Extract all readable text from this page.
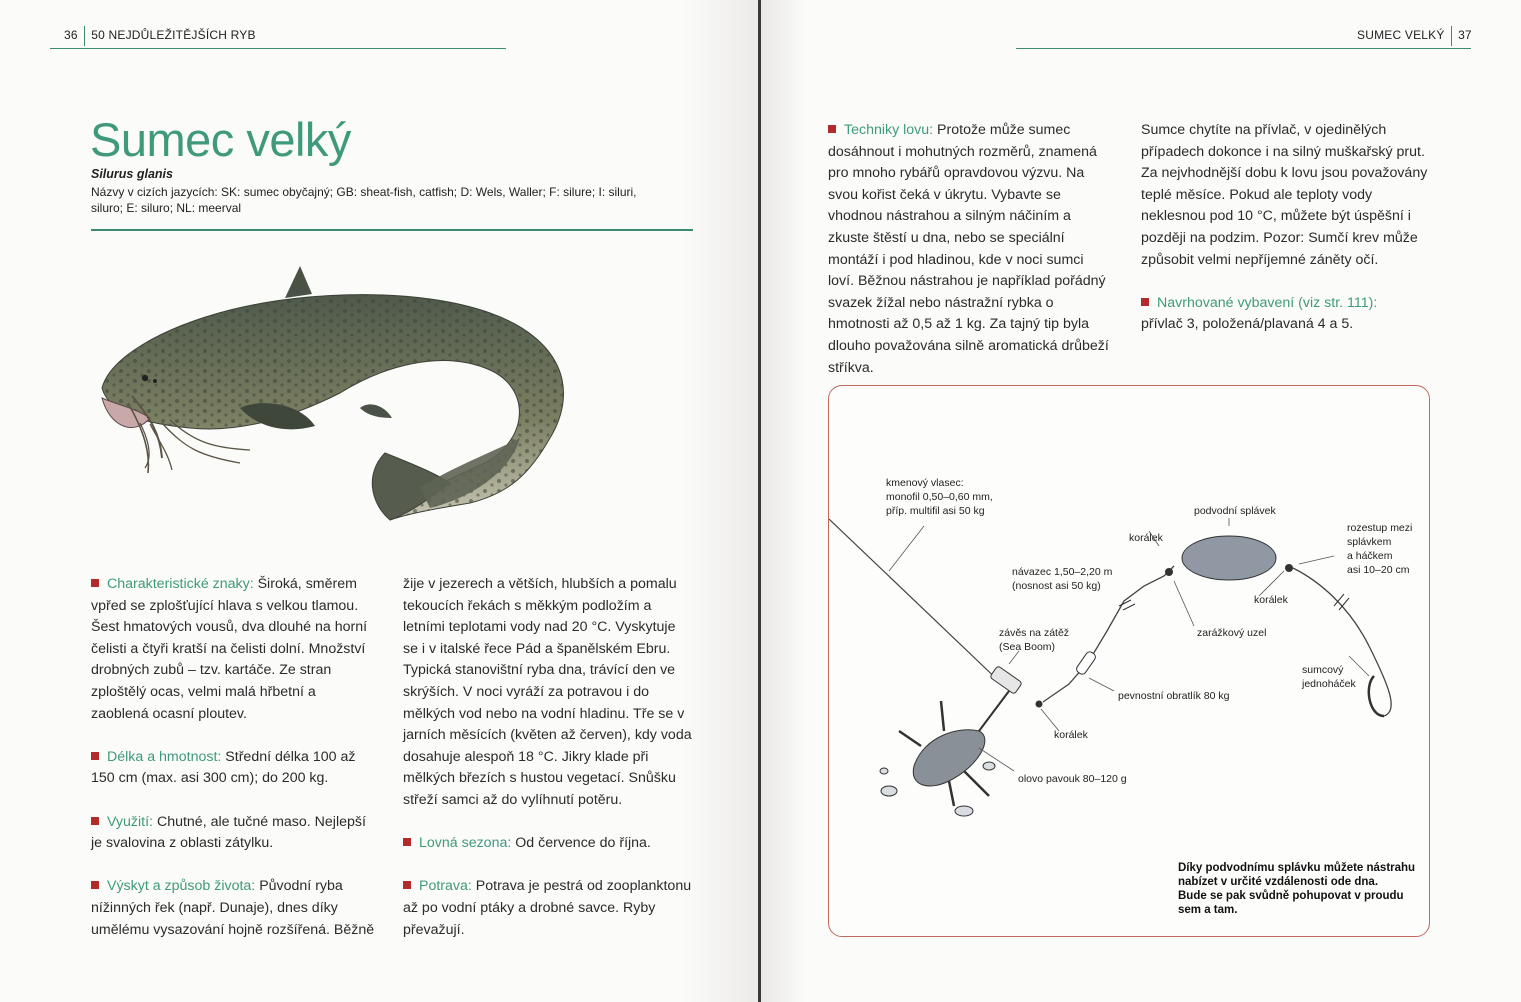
36 50 NEJDŮLEŽITĚJŠÍCH RYB
Sumec velký
Silurus glanis
Názvy v cizích jazycích: SK: sumec obyčajný; GB: sheat-fish, catfish; D: Wels, Waller; F: silure; I: siluri, siluro; E: siluro; NL: meerval

Charakteristické znaky: Široká, směrem vpřed se zplošťující hlava s velkou tlamou. Šest hmatových vousů, dva dlouhé na horní čelisti a čtyři kratší na čelisti dolní. Množství drobných zubů – tzv. kartáče. Ze stran zploštělý ocas, velmi malá hřbetní a zaoblená ocasní ploutev.

Délka a hmotnost: Střední délka 100 až 150 cm (max. asi 300 cm); do 200 kg.

Využití: Chutné, ale tučné maso. Nejlepší je svalovina z oblasti zátylku.

Výskyt a způsob života: Původní ryba nížinných řek (např. Dunaje), dnes díky umělému vysazování hojně rozšířená. Běžně

žije v jezerech a větších, hlubších a pomalu tekoucích řekách s měkkým podložím a letními teplotami vody nad 20 °C. Vyskytuje se i v italské řece Pád a španělském Ebru. Typická stanovištní ryba dna, trávící den ve skrýších. V noci vyráží za potravou i do mělkých vod nebo na vodní hladinu. Tře se v jarních měsících (květen až červen), kdy voda dosahuje alespoň 18 °C. Jikry klade při mělkých březích s hustou vegetací. Snůšku střeží samci až do vylíhnutí potěru.

Lovná sezona: Od července do října.

Potrava: Potrava je pestrá od zooplanktonu až po vodní ptáky a drobné savce. Ryby převažují.

SUMEC VELKÝ 37

Techniky lovu: Protože může sumec dosáhnout i mohutných rozměrů, znamená pro mnoho rybářů opravdovou výzvu. Na svou kořist čeká v úkrytu. Vybavte se vhodnou nástrahou a silným náčiním a zkuste štěstí u dna, nebo se speciální montáží i pod hladinou, kde v noci sumci loví. Běžnou nástrahou je například pořádný svazek žížal nebo nástražní rybka o hmotnosti až 0,5 až 1 kg. Za tajný tip byla dlouho považována silně aromatická drůbeží stříkva.

Sumce chytíte na přívlač, v ojedinělých případech dokonce i na silný muškařský prut. Za nejvhodnější dobu k lovu jsou považovány teplé měsíce. Pokud ale teploty vody neklesnou pod 10 °C, můžete být úspěšní i později na podzim. Pozor: Sumčí krev může způsobit velmi nepříjemné záněty očí.

Navrhované vybavení (viz str. 111):
přívlač 3, položená/plavaná 4 a 5.

kmenový vlasec:
monofil 0,50–0,60 mm,
příp. multifil asi 50 kg	podvodní splávek
korálek
návazec 1,50–2,20 m
(nosnost asi 50 kg)
rozestup mezi
splávkem
a háčkem
asi 10–20 cm
korálek
zarážkový uzel
závěs na zátěž
(Sea Boom)
pevnostní obratlík 80 kg
sumcový
jednoháček
korálek
olovo pavouk 80–120 g
Díky podvodnímu splávku můžete nástrahu
nabízet v určité vzdálenosti ode dna.
Bude se pak svůdně pohupovat v proudu
sem a tam.
